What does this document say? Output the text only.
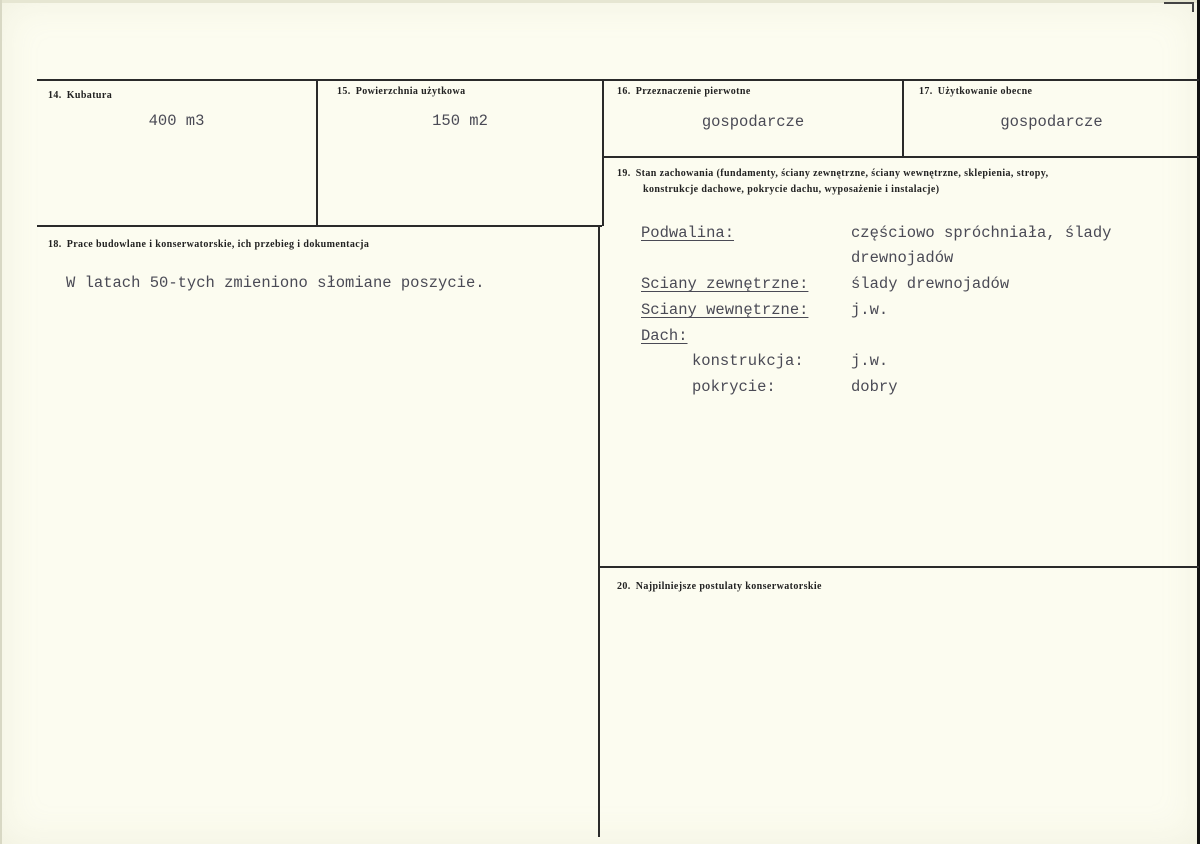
14. Kubatura
400 m3
15. Powierzchnia użytkowa
150 m2
16. Przeznaczenie pierwotne
gospodarcze
17. Użytkowanie obecne
gospodarcze
18. Prace budowlane i konserwatorskie, ich przebieg i dokumentacja
W latach 50-tych zmieniono słomiane poszycie.
19. Stan zachowania (fundamenty, ściany zewnętrzne, ściany wewnętrzne, sklepienia, stropy,
konstrukcje dachowe, pokrycie dachu, wyposażenie i instalacje)
Podwalina:	częściowo spróchniała, ślady
drewnojadów
Sciany zewnętrzne:	ślady drewnojadów
Sciany wewnętrzne:	j.w.
Dach:
konstrukcja:	j.w.
pokrycie:	dobry
20. Najpilniejsze postulaty konserwatorskie
